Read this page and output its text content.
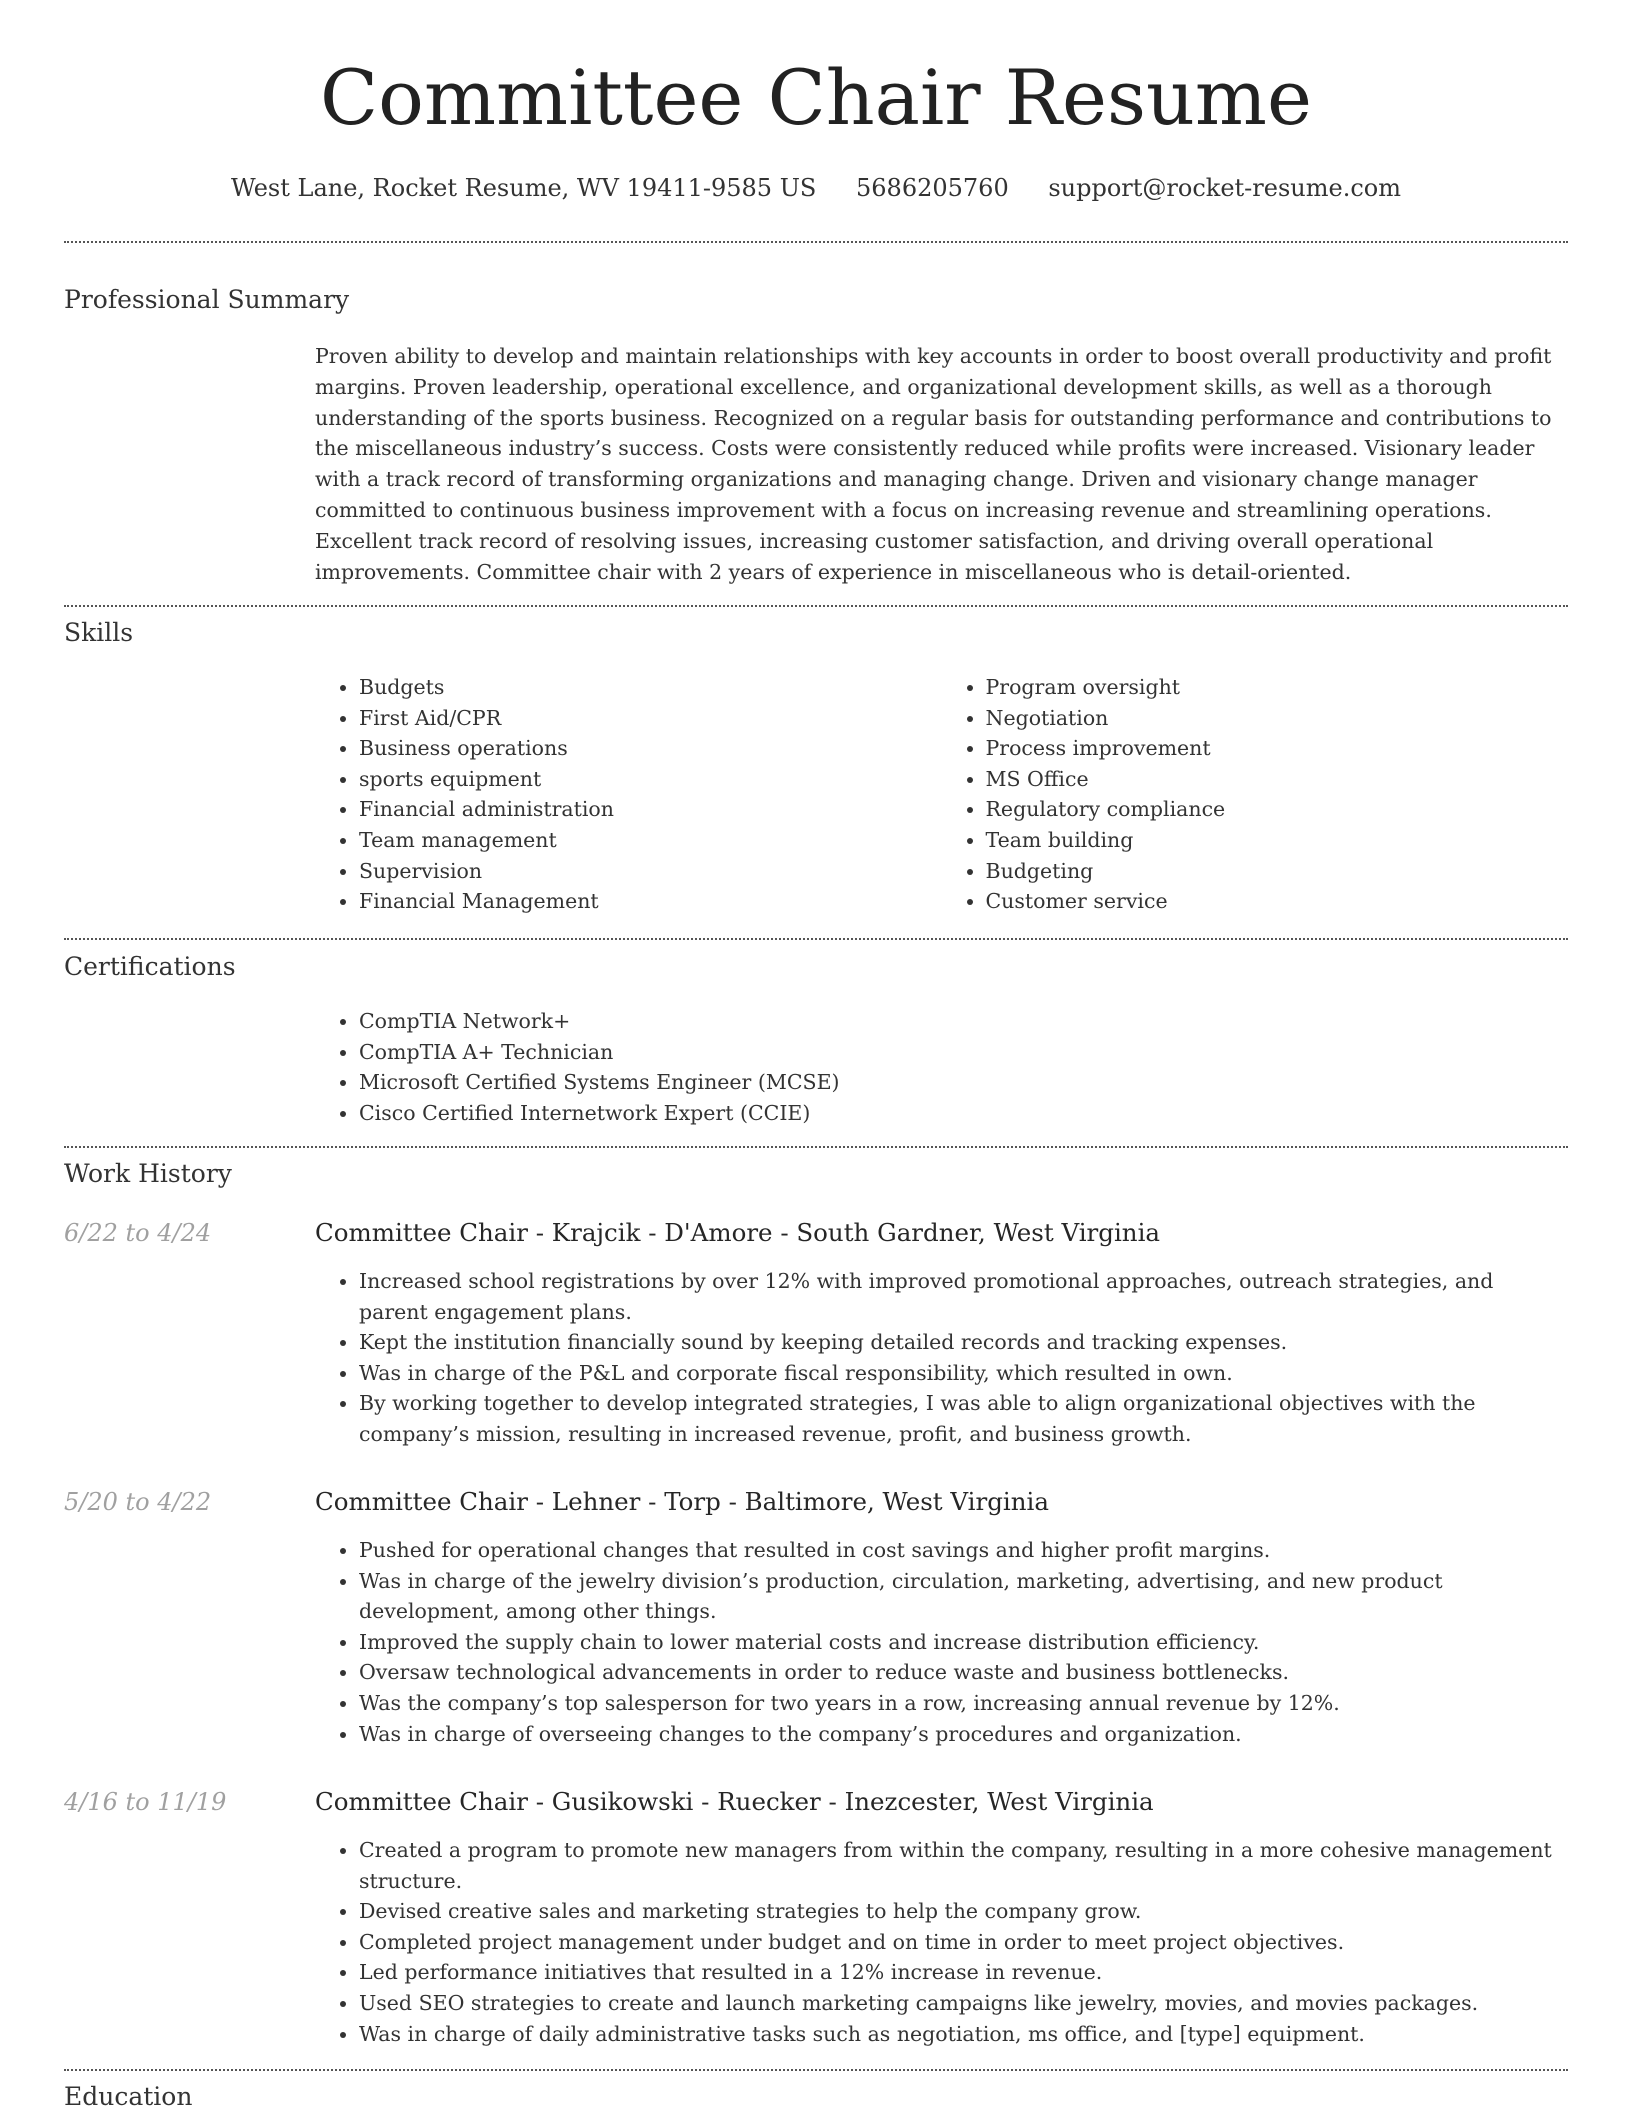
Committee Chair Resume
West Lane, Rocket Resume, WV 19411-9585 US 5686205760 support@rocket-resume.com
Professional Summary

Proven ability to develop and maintain relationships with key accounts in order to boost overall productivity and profit margins. Proven leadership, operational excellence, and organizational development skills, as well as a thorough understanding of the sports business. Recognized on a regular basis for outstanding performance and contributions to the miscellaneous industry’s success. Costs were consistently reduced while profits were increased. Visionary leader with a track record of transforming organizations and managing change. Driven and visionary change manager committed to continuous business improvement with a focus on increasing revenue and streamlining operations. Excellent track record of resolving issues, increasing customer satisfaction, and driving overall operational improvements. Committee chair with 2 years of experience in miscellaneous who is detail-oriented.

Skills
• Budgets
• First Aid/CPR
• Business operations
• sports equipment
• Financial administration
• Team management
• Supervision
• Financial Management
• Program oversight
• Negotiation
• Process improvement
• MS Office
• Regulatory compliance
• Team building
• Budgeting
• Customer service
Certifications
• CompTIA Network+
• CompTIA A+ Technician
• Microsoft Certified Systems Engineer (MCSE)
• Cisco Certified Internetwork Expert (CCIE)
Work History
6/22 to 4/24	Committee Chair - Krajcik - D'Amore - South Gardner, West Virginia
• Increased school registrations by over 12% with improved promotional approaches, outreach strategies, and parent engagement plans.
• Kept the institution financially sound by keeping detailed records and tracking expenses.
• Was in charge of the P&L and corporate fiscal responsibility, which resulted in own.
• By working together to develop integrated strategies, I was able to align organizational objectives with the company’s mission, resulting in increased revenue, profit, and business growth.
5/20 to 4/22	Committee Chair - Lehner - Torp - Baltimore, West Virginia
• Pushed for operational changes that resulted in cost savings and higher profit margins.
• Was in charge of the jewelry division’s production, circulation, marketing, advertising, and new product development, among other things.
• Improved the supply chain to lower material costs and increase distribution efficiency.
• Oversaw technological advancements in order to reduce waste and business bottlenecks.
• Was the company’s top salesperson for two years in a row, increasing annual revenue by 12%.
• Was in charge of overseeing changes to the company’s procedures and organization.
4/16 to 11/19	Committee Chair - Gusikowski - Ruecker - Inezcester, West Virginia
• Created a program to promote new managers from within the company, resulting in a more cohesive management structure.
• Devised creative sales and marketing strategies to help the company grow.
• Completed project management under budget and on time in order to meet project objectives.
• Led performance initiatives that resulted in a 12% increase in revenue.
• Used SEO strategies to create and launch marketing campaigns like jewelry, movies, and movies packages.
• Was in charge of daily administrative tasks such as negotiation, ms office, and [type] equipment.
Education
